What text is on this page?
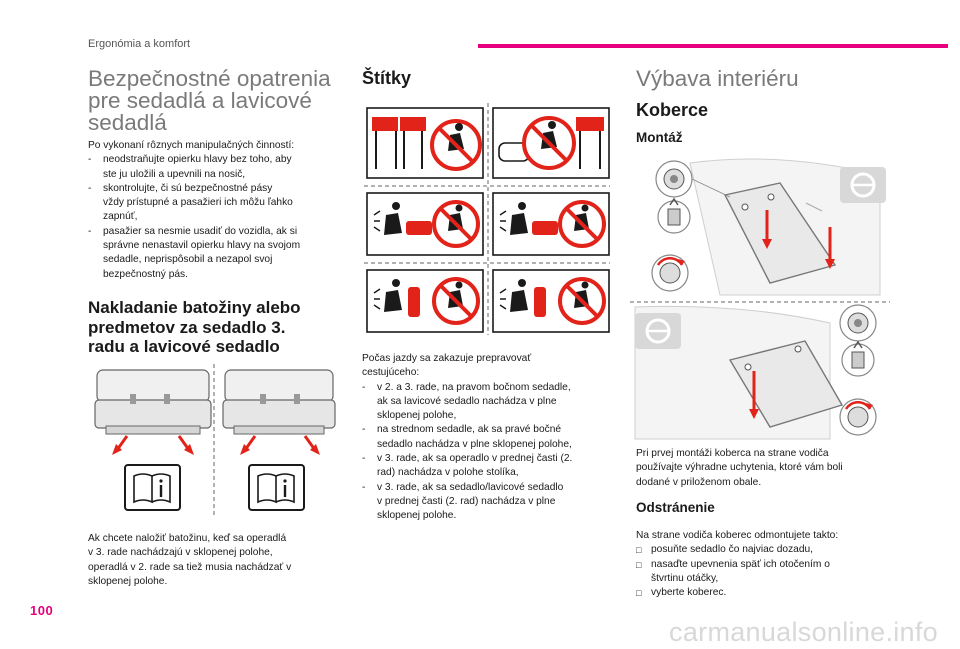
Ergonómia a komfort
Bezpečnostné opatrenia
pre sedadlá a lavicové
sedadlá
Po vykonaní rôznych manipulačných činností:
- neodstraňujte opierku hlavy bez toho, aby
ste ju uložili a upevnili na nosič,
- skontrolujte, či sú bezpečnostné pásy
vždy prístupné a pasažieri ich môžu ľahko
zapnúť,
- pasažier sa nesmie usadiť do vozidla, ak si
správne nenastavil opierku hlavy na svojom
sedadle, neprispôsobil a nezapol svoj
bezpečnostný pás.
Nakladanie batožiny alebo
predmetov za sedadlo 3.
radu a lavicové sedadlo
Ak chcete naložiť batožinu, keď sa operadlá
v 3. rade nachádzajú v sklopenej polohe,
operadlá v 2. rade sa tiež musia nachádzať v
sklopenej polohe.
Štítky
Počas jazdy sa zakazuje prepravovať
cestujúceho:
- v 2. a 3. rade, na pravom bočnom sedadle,
ak sa lavicové sedadlo nachádza v plne
sklopenej polohe,
- na strednom sedadle, ak sa pravé bočné
sedadlo nachádza v plne sklopenej polohe,
- v 3. rade, ak sa operadlo v prednej časti (2.
rad) nachádza v polohe stolíka,
- v 3. rade, ak sa sedadlo/lavicové sedadlo
v prednej časti (2. rad) nachádza v plne
sklopenej polohe.
Výbava interiéru
Koberce
Montáž
Pri prvej montáži koberca na strane vodiča
používajte výhradne uchytenia, ktoré vám boli
dodané v priloženom obale.
Odstránenie
Na strane vodiča koberec odmontujete takto:
□ posuňte sedadlo čo najviac dozadu,
□ nasaďte upevnenia späť ich otočením o
štvrtinu otáčky,
□ vyberte koberec.
100
carmanualsonline.info
